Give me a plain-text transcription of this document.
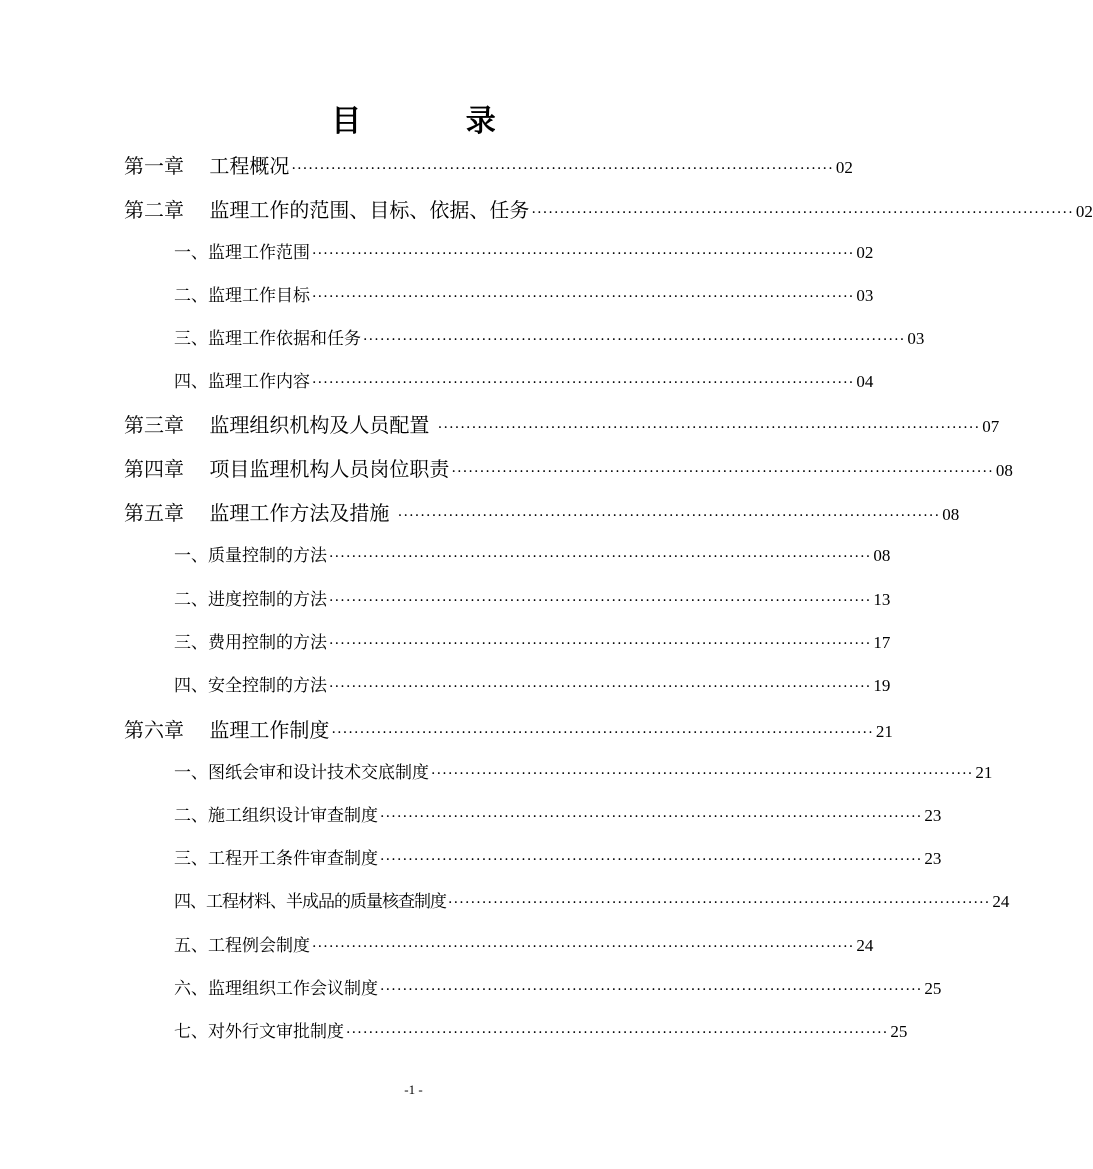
目          录
第一章    工程概况 ································································································ 02
第二章    监理工作的范围、目标、依据、任务 ································································································ 02
一、监理工作范围 ································································································ 02
二、监理工作目标 ································································································ 03
三、监理工作依据和任务 ································································································ 03
四、监理工作内容 ································································································ 04
第三章    监理组织机构及人员配置 ································································································ 07
第四章    项目监理机构人员岗位职责 ································································································ 08
第五章    监理工作方法及措施 ································································································ 08
一、质量控制的方法 ································································································ 08
二、进度控制的方法 ································································································ 13
三、费用控制的方法 ································································································ 17
四、安全控制的方法 ································································································ 19
第六章    监理工作制度 ································································································ 21
一、图纸会审和设计技术交底制度 ································································································ 21
二、施工组织设计审查制度 ································································································ 23
三、工程开工条件审查制度 ································································································ 23
四、工程材料、半成品的质量核查制度 ································································································ 24
五、工程例会制度 ································································································ 24
六、监理组织工作会议制度 ································································································ 25
七、对外行文审批制度 ································································································ 25
-1 -
